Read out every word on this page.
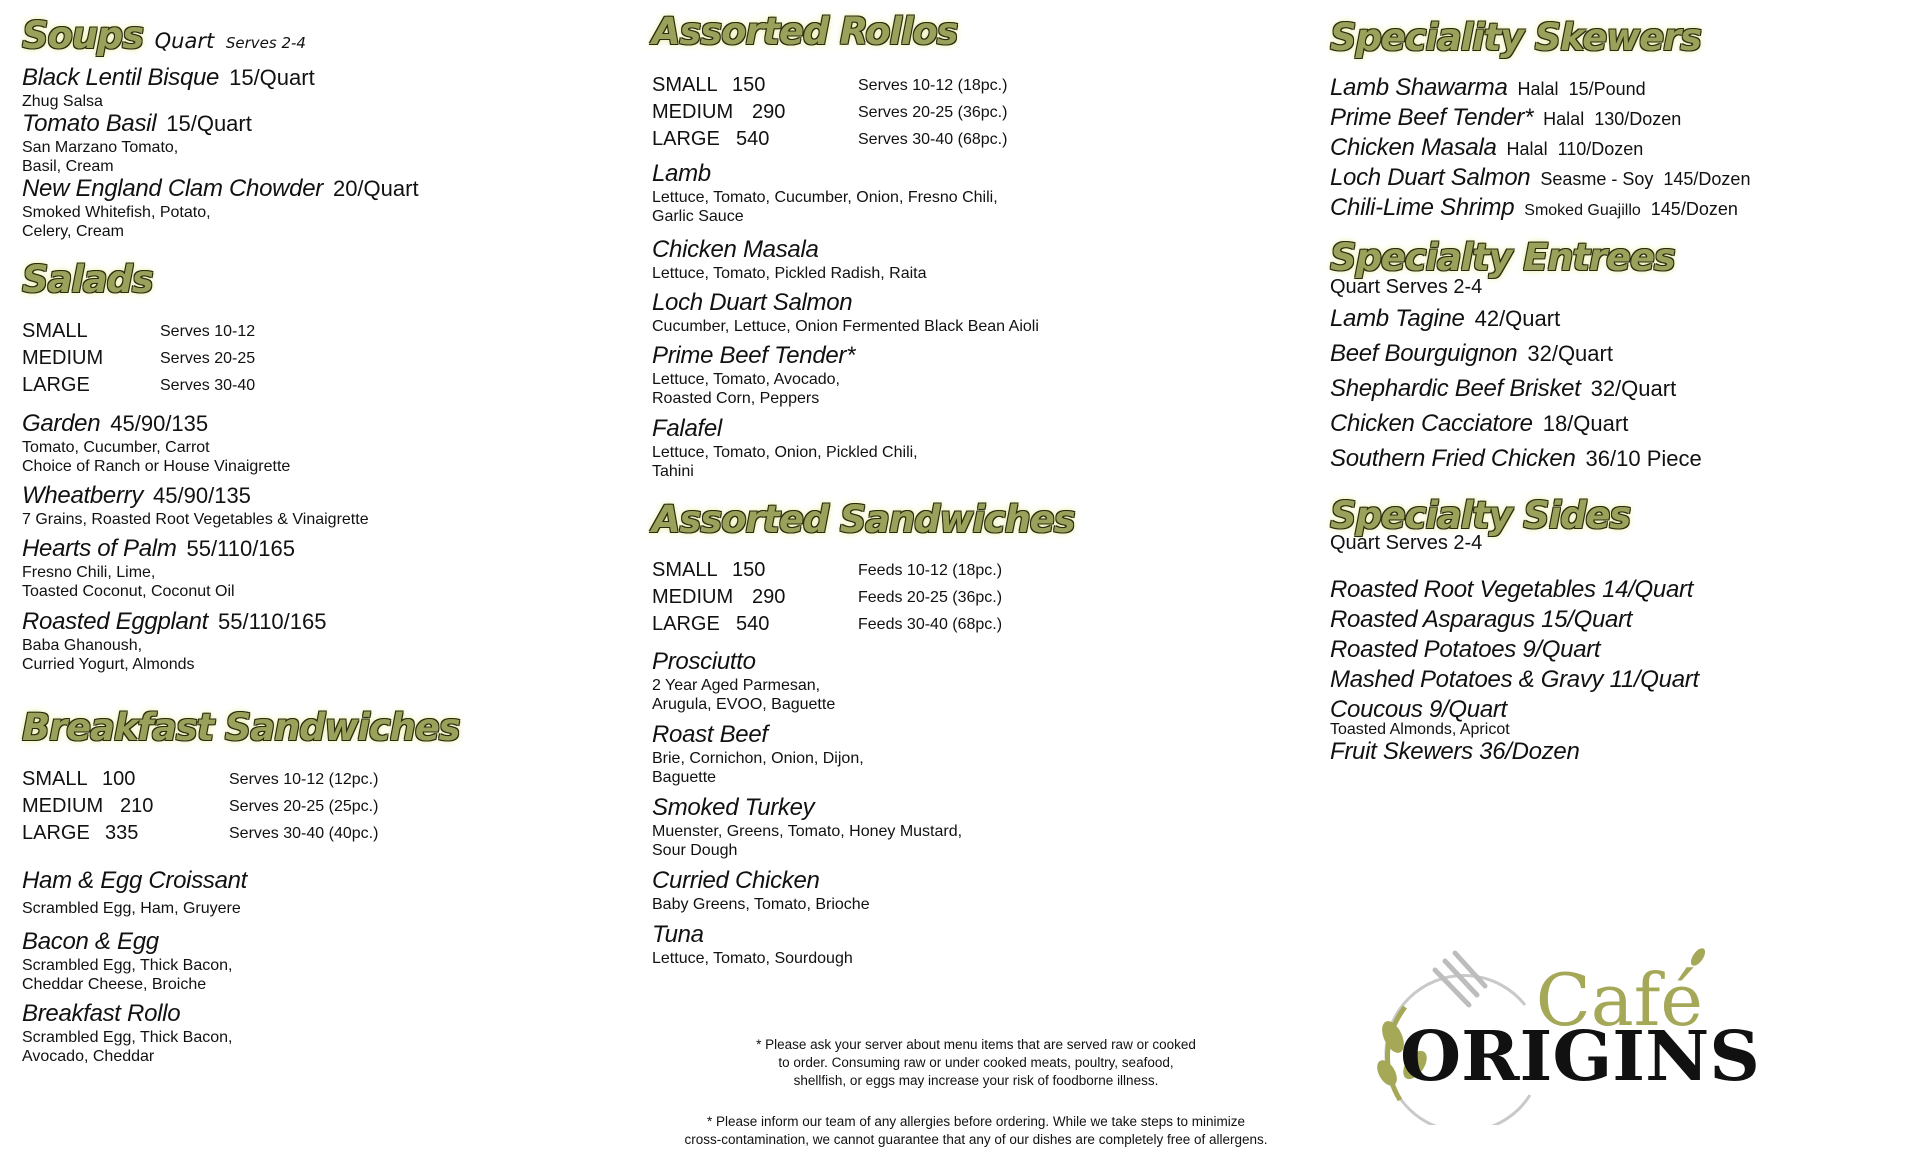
Soups Quart Serves 2-4
Black Lentil Bisque 15/Quart
Zhug Salsa
Tomato Basil 15/Quart
San Marzano Tomato,
Basil, Cream
New England Clam Chowder 20/Quart
Smoked Whitefish, Potato,
Celery, Cream
Salads
SMALL	Serves 10-12
MEDIUM	Serves 20-25
LARGE	Serves 30-40
Garden 45/90/135
Tomato, Cucumber, Carrot
Choice of Ranch or House Vinaigrette
Wheatberry 45/90/135
7 Grains, Roasted Root Vegetables & Vinaigrette
Hearts of Palm 55/110/165
Fresno Chili, Lime,
Toasted Coconut, Coconut Oil
Roasted Eggplant 55/110/165
Baba Ghanoush,
Curried Yogurt, Almonds
Breakfast Sandwiches
SMALL 100	Serves 10-12 (12pc.)
MEDIUM 210	Serves 20-25 (25pc.)
LARGE 335	Serves 30-40 (40pc.)
Ham & Egg Croissant
Scrambled Egg, Ham, Gruyere
Bacon & Egg
Scrambled Egg, Thick Bacon,
Cheddar Cheese, Broiche
Breakfast Rollo
Scrambled Egg, Thick Bacon,
Avocado, Cheddar
Assorted Rollos
SMALL 150	Serves 10-12 (18pc.)
MEDIUM 290	Serves 20-25 (36pc.)
LARGE 540	Serves 30-40 (68pc.)
Lamb
Lettuce, Tomato, Cucumber, Onion, Fresno Chili,
Garlic Sauce
Chicken Masala
Lettuce, Tomato, Pickled Radish, Raita
Loch Duart Salmon
Cucumber, Lettuce, Onion Fermented Black Bean Aioli
Prime Beef Tender*
Lettuce, Tomato, Avocado,
Roasted Corn, Peppers
Falafel
Lettuce, Tomato, Onion, Pickled Chili,
Tahini
Assorted Sandwiches
SMALL 150	Feeds 10-12 (18pc.)
MEDIUM 290	Feeds 20-25 (36pc.)
LARGE 540	Feeds 30-40 (68pc.)
Prosciutto
2 Year Aged Parmesan,
Arugula, EVOO, Baguette
Roast Beef
Brie, Cornichon, Onion, Dijon,
Baguette
Smoked Turkey
Muenster, Greens, Tomato, Honey Mustard,
Sour Dough
Curried Chicken
Baby Greens, Tomato, Brioche
Tuna
Lettuce, Tomato, Sourdough
* Please ask your server about menu items that are served raw or cooked
to order. Consuming raw or under cooked meats, poultry, seafood,
shellfish, or eggs may increase your risk of foodborne illness.
* Please inform our team of any allergies before ordering. While we take steps to minimize
cross-contamination, we cannot guarantee that any of our dishes are completely free of allergens.
Speciality Skewers
Lamb Shawarma Halal 15/Pound
Prime Beef Tender* Halal 130/Dozen
Chicken Masala Halal 110/Dozen
Loch Duart Salmon Seasme - Soy 145/Dozen
Chili-Lime Shrimp Smoked Guajillo 145/Dozen
Specialty Entrees
Quart Serves 2-4
Lamb Tagine 42/Quart
Beef Bourguignon 32/Quart
Shephardic Beef Brisket 32/Quart
Chicken Cacciatore 18/Quart
Southern Fried Chicken 36/10 Piece
Specialty Sides
Quart Serves 2-4
Roasted Root Vegetables 14/Quart
Roasted Asparagus 15/Quart
Roasted Potatoes 9/Quart
Mashed Potatoes & Gravy 11/Quart
Coucous 9/Quart
Toasted Almonds, Apricot
Fruit Skewers 36/Dozen
Café
ORIGINS
